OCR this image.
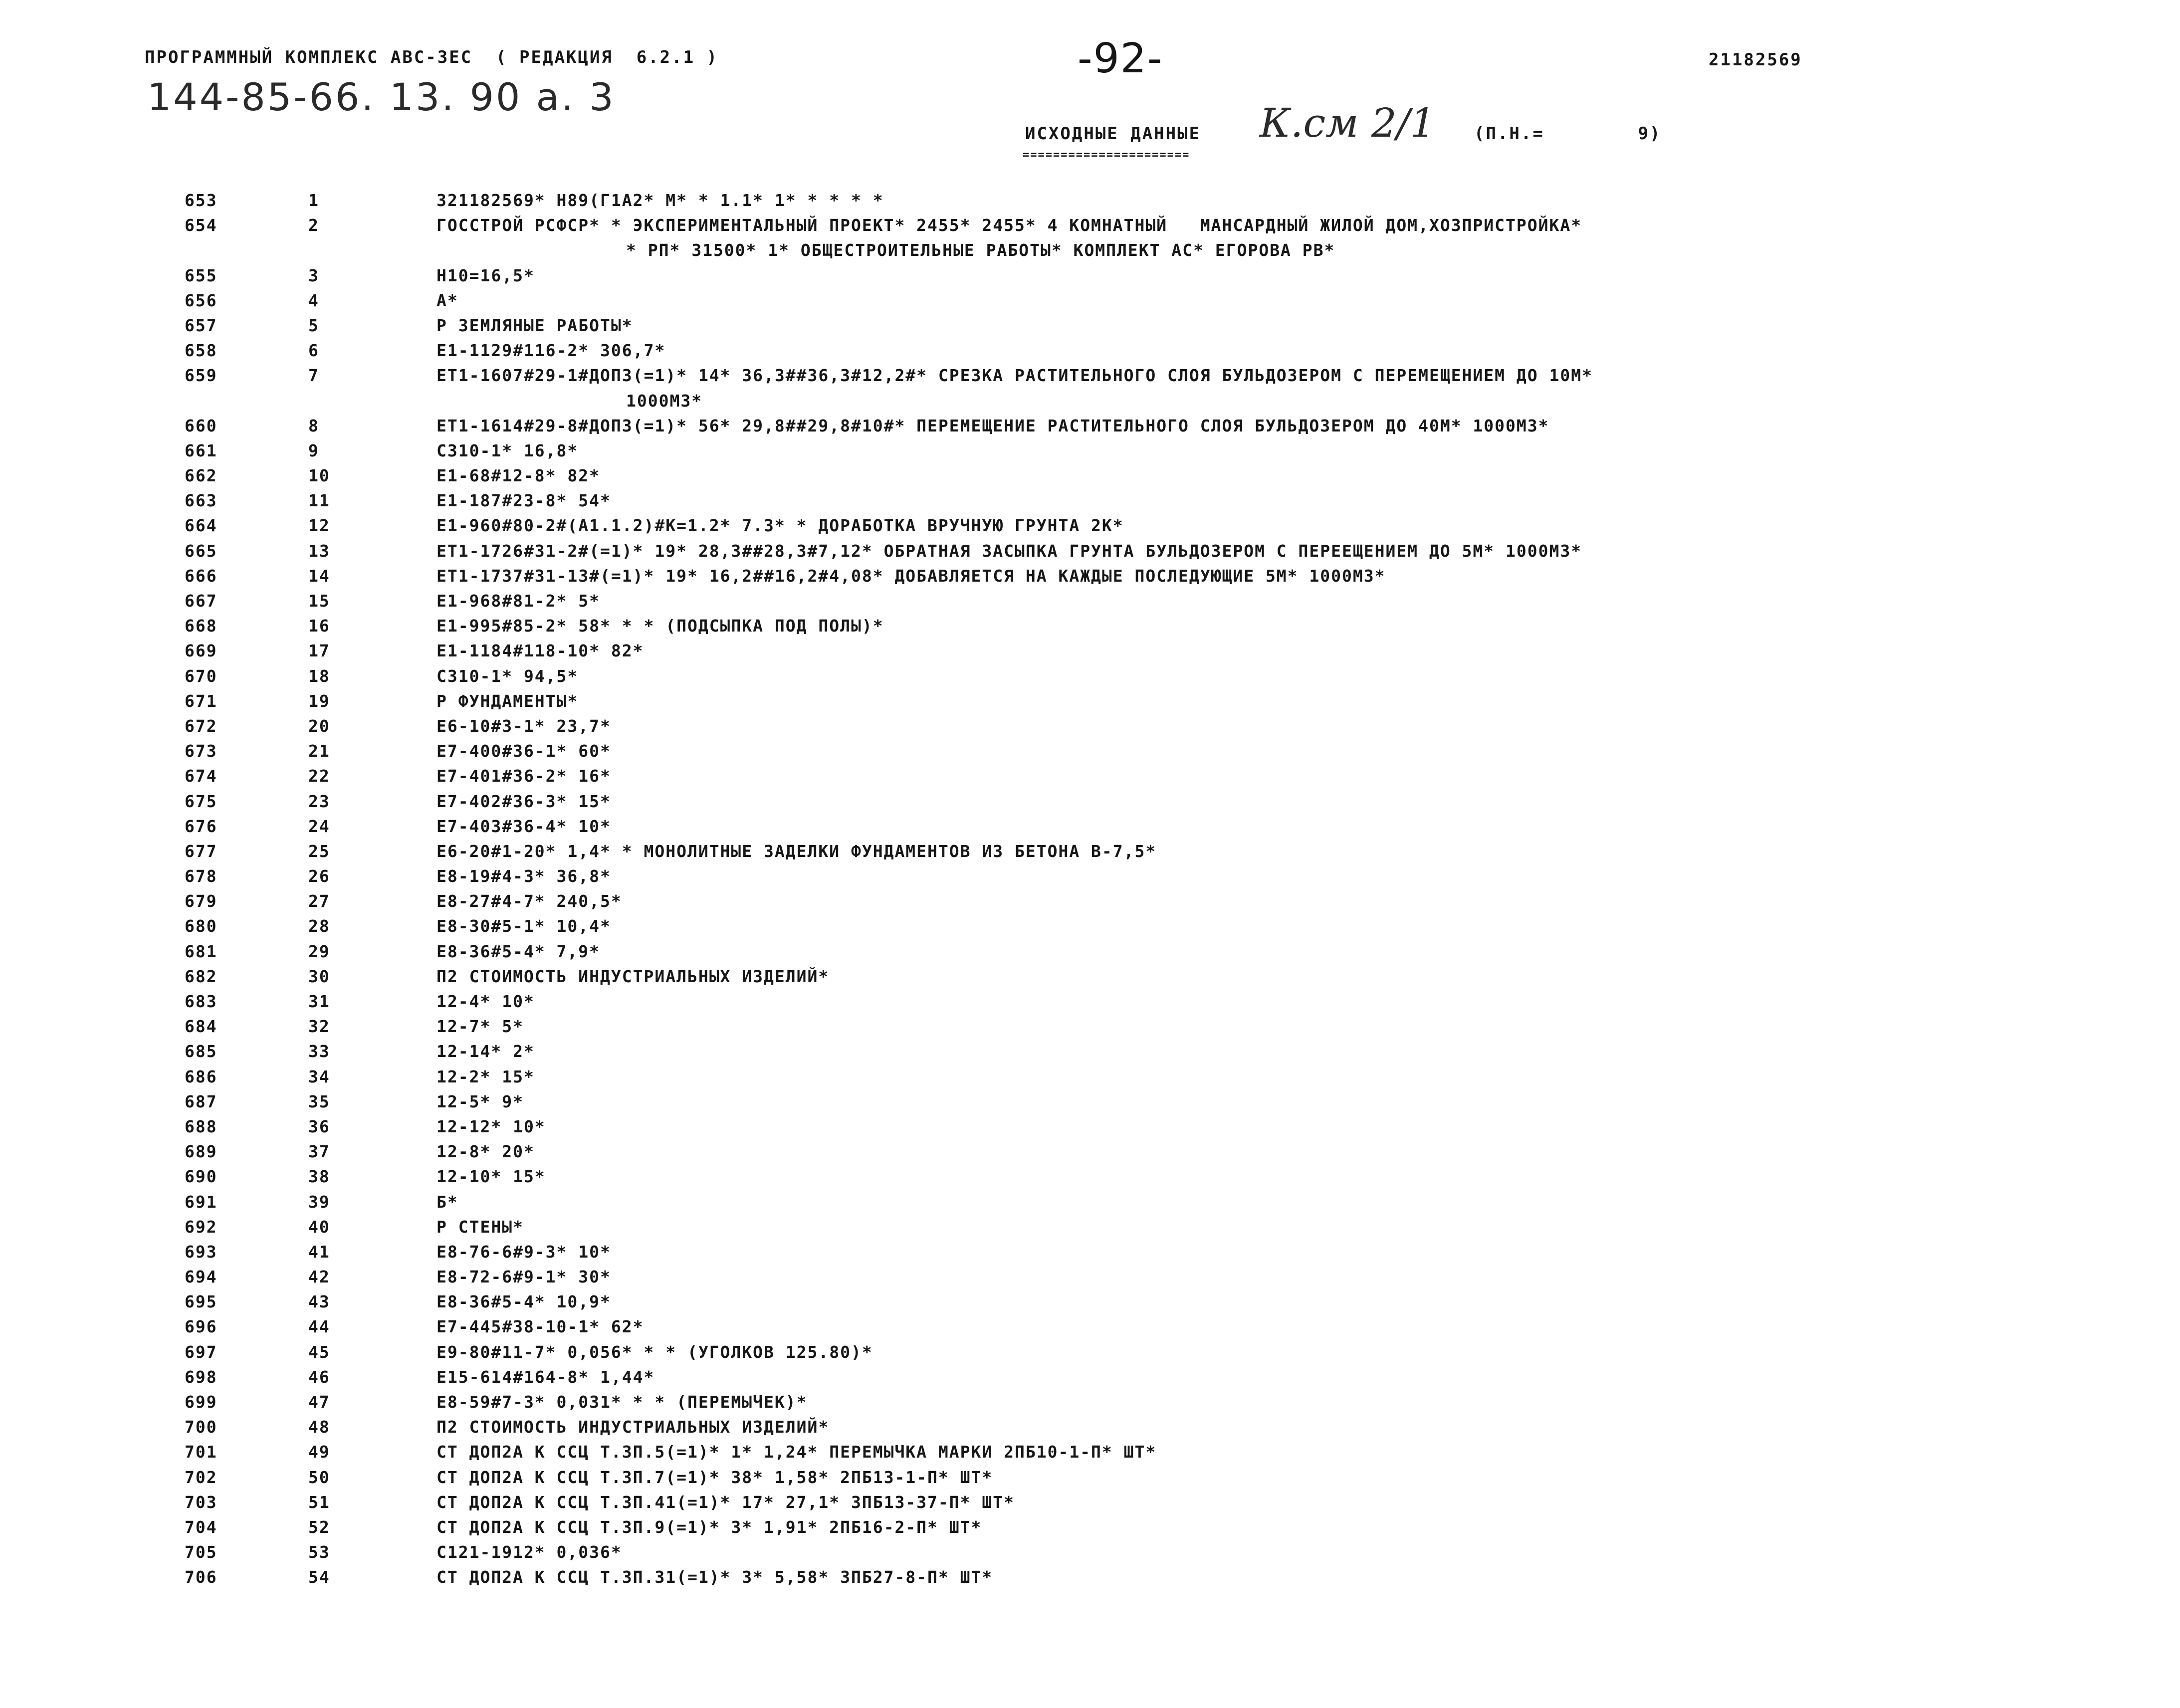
ПРОГРАММНЫЙ КОМПЛЕКС АВС-3ЕС  ( РЕДАКЦИЯ  6.2.1 )	-92-	21182569
144-85-66. 13. 90 a. 3
ИСХОДНЫЕ ДАННЫЕ К.см 2/1 (П.Н.=        9)
======================
653	1	321182569* Н89(Г1А2* М* * 1.1* 1* * * * *
654	2	ГОССТРОЙ РСФСР* * ЭКСПЕРИМЕНТАЛЬНЫЙ ПРОЕКТ* 2455* 2455* 4 КОМНАТНЫЙ   МАНСАРДНЫЙ ЖИЛОЙ ДОМ,ХОЗПРИСТРОЙКА*
* РП* 31500* 1* ОБЩЕСТРОИТЕЛЬНЫЕ РАБОТЫ* КОМПЛЕКТ АС* ЕГОРОВА РВ*
655	3	Н10=16,5*
656	4	А*
657	5	Р ЗЕМЛЯНЫЕ РАБОТЫ*
658	6	Е1-1129#116-2* 306,7*
659	7	ЕТ1-1607#29-1#ДОП3(=1)* 14* 36,3##36,3#12,2#* СРЕЗКА РАСТИТЕЛЬНОГО СЛОЯ БУЛЬДОЗЕРОМ С ПЕРЕМЕЩЕНИЕМ ДО 10М*
1000М3*
660	8	ЕТ1-1614#29-8#ДОП3(=1)* 56* 29,8##29,8#10#* ПЕРЕМЕЩЕНИЕ РАСТИТЕЛЬНОГО СЛОЯ БУЛЬДОЗЕРОМ ДО 40М* 1000М3*
661	9	С310-1* 16,8*
662	10	Е1-68#12-8* 82*
663	11	Е1-187#23-8* 54*
664	12	Е1-960#80-2#(А1.1.2)#К=1.2* 7.3* * ДОРАБОТКА ВРУЧНУЮ ГРУНТА 2К*
665	13	ЕТ1-1726#31-2#(=1)* 19* 28,3##28,3#7,12* ОБРАТНАЯ ЗАСЫПКА ГРУНТА БУЛЬДОЗЕРОМ С ПЕРЕЕЩЕНИЕМ ДО 5М* 1000М3*
666	14	ЕТ1-1737#31-13#(=1)* 19* 16,2##16,2#4,08* ДОБАВЛЯЕТСЯ НА КАЖДЫЕ ПОСЛЕДУЮЩИЕ 5М* 1000М3*
667	15	Е1-968#81-2* 5*
668	16	Е1-995#85-2* 58* * * (ПОДСЫПКА ПОД ПОЛЫ)*
669	17	Е1-1184#118-10* 82*
670	18	С310-1* 94,5*
671	19	Р ФУНДАМЕНТЫ*
672	20	Е6-10#3-1* 23,7*
673	21	Е7-400#36-1* 60*
674	22	Е7-401#36-2* 16*
675	23	Е7-402#36-3* 15*
676	24	Е7-403#36-4* 10*
677	25	Е6-20#1-20* 1,4* * МОНОЛИТНЫЕ ЗАДЕЛКИ ФУНДАМЕНТОВ ИЗ БЕТОНА В-7,5*
678	26	Е8-19#4-3* 36,8*
679	27	Е8-27#4-7* 240,5*
680	28	Е8-30#5-1* 10,4*
681	29	Е8-36#5-4* 7,9*
682	30	П2 СТОИМОСТЬ ИНДУСТРИАЛЬНЫХ ИЗДЕЛИЙ*
683	31	12-4* 10*
684	32	12-7* 5*
685	33	12-14* 2*
686	34	12-2* 15*
687	35	12-5* 9*
688	36	12-12* 10*
689	37	12-8* 20*
690	38	12-10* 15*
691	39	Б*
692	40	Р СТЕНЫ*
693	41	Е8-76-6#9-3* 10*
694	42	Е8-72-6#9-1* 30*
695	43	Е8-36#5-4* 10,9*
696	44	Е7-445#38-10-1* 62*
697	45	Е9-80#11-7* 0,056* * * (УГОЛКОВ 125.80)*
698	46	Е15-614#164-8* 1,44*
699	47	Е8-59#7-3* 0,031* * * (ПЕРЕМЫЧЕК)*
700	48	П2 СТОИМОСТЬ ИНДУСТРИАЛЬНЫХ ИЗДЕЛИЙ*
701	49	СТ ДОП2А К ССЦ Т.3П.5(=1)* 1* 1,24* ПЕРЕМЫЧКА МАРКИ 2ПБ10-1-П* ШТ*
702	50	СТ ДОП2А К ССЦ Т.3П.7(=1)* 38* 1,58* 2ПБ13-1-П* ШТ*
703	51	СТ ДОП2А К ССЦ Т.3П.41(=1)* 17* 27,1* 3ПБ13-37-П* ШТ*
704	52	СТ ДОП2А К ССЦ Т.3П.9(=1)* 3* 1,91* 2ПБ16-2-П* ШТ*
705	53	С121-1912* 0,036*
706	54	СТ ДОП2А К ССЦ Т.3П.31(=1)* 3* 5,58* 3ПБ27-8-П* ШТ*
